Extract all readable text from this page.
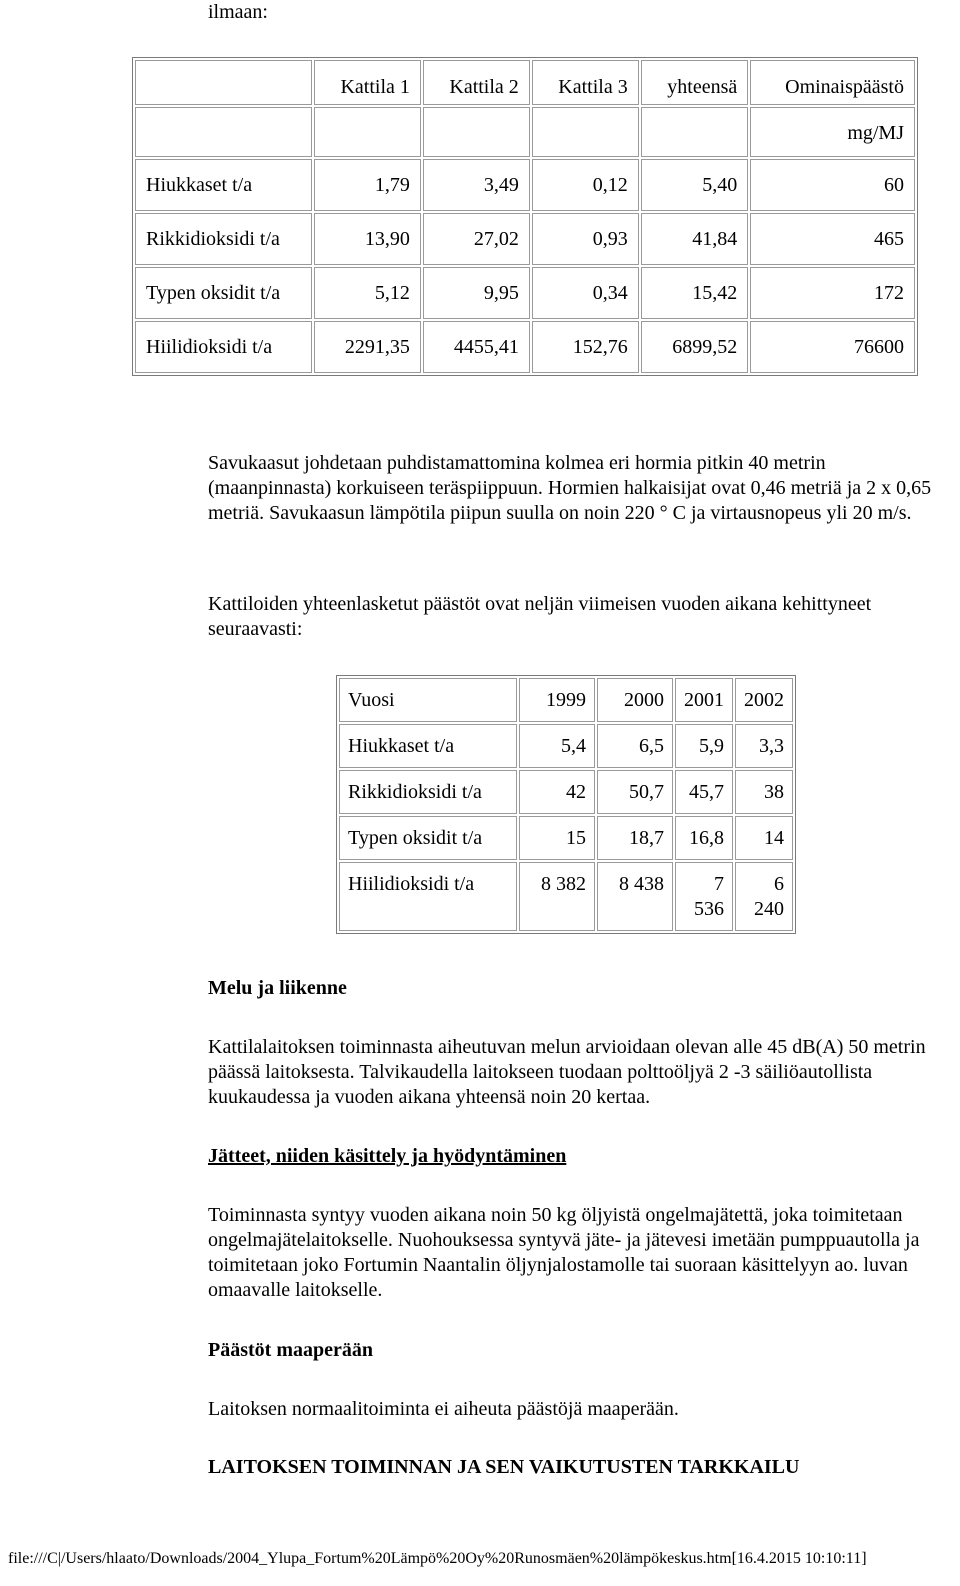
ilmaan:
	Kattila 1	Kattila 2	Kattila 3	yhteensä	Ominaispäästö
					mg/MJ
Hiukkaset t/a	1,79	3,49	0,12	5,40	60
Rikkidioksidi t/a	13,90	27,02	0,93	41,84	465
Typen oksidit t/a	5,12	9,95	0,34	15,42	172
Hiilidioksidi t/a	2291,35	4455,41	152,76	6899,52	76600
Savukaasut johdetaan puhdistamattomina kolmea eri hormia pitkin 40 metrin (maanpinnasta) korkuiseen teräspiippuun. Hormien halkaisijat ovat 0,46 metriä ja 2 x 0,65 metriä. Savukaasun lämpötila piipun suulla on noin 220 ° C ja virtausnopeus yli 20 m/s.
Kattiloiden yhteenlasketut päästöt ovat neljän viimeisen vuoden aikana kehittyneet seuraavasti:
Vuosi	1999	2000	2001	2002
Hiukkaset t/a	5,4	6,5	5,9	3,3
Rikkidioksidi t/a	42	50,7	45,7	38
Typen oksidit t/a	15	18,7	16,8	14
Hiilidioksidi t/a	8 382	8 438	7 536	6 240
Melu ja liikenne
Kattilalaitoksen toiminnasta aiheutuvan melun arvioidaan olevan alle 45 dB(A) 50 metrin päässä laitoksesta. Talvikaudella laitokseen tuodaan polttoöljyä 2 -3 säiliöautollista kuukaudessa ja vuoden aikana yhteensä noin 20 kertaa.
Jätteet, niiden käsittely ja hyödyntäminen
Toiminnasta syntyy vuoden aikana noin 50 kg öljyistä ongelmajätettä, joka toimitetaan ongelmajätelaitokselle. Nuohouksessa syntyvä jäte- ja jätevesi imetään pumppuautolla ja toimitetaan joko Fortumin Naantalin öljynjalostamolle tai suoraan käsittelyyn ao. luvan omaavalle laitokselle.
Päästöt maaperään
Laitoksen normaalitoiminta ei aiheuta päästöjä maaperään.
LAITOKSEN TOIMINNAN JA SEN VAIKUTUSTEN TARKKAILU
file:///C|/Users/hlaato/Downloads/2004_Ylupa_Fortum%20Lämpö%20Oy%20Runosmäen%20lämpökeskus.htm[16.4.2015 10:10:11]
